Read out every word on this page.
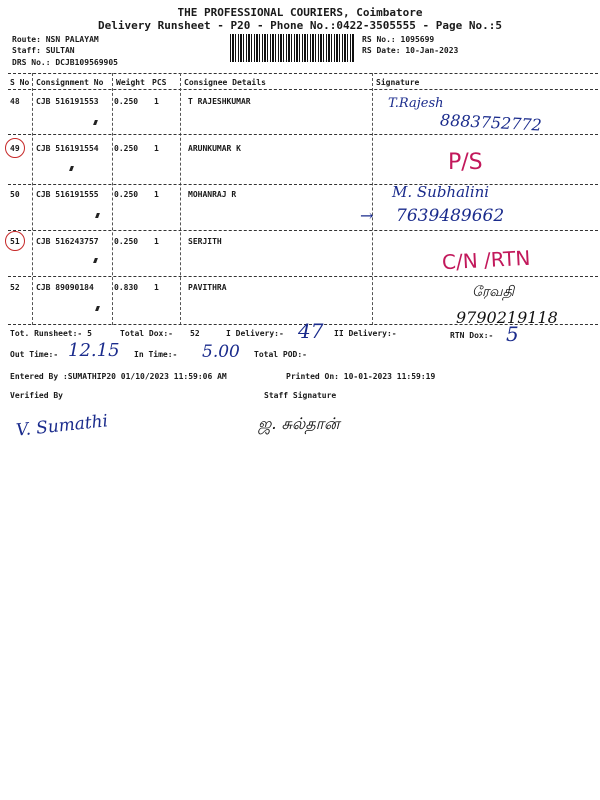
THE PROFESSIONAL COURIERS, Coimbatore
Delivery Runsheet - P20 - Phone No.:0422-3505555 - Page No.:5
Route: NSN PALAYAM
Staff: SULTAN
DRS No.: DCJB109569905
RS No.: 1095699
RS Date: 10-Jan-2023
S No Consignment No Weight PCS Consignee Details	Signature
48 CJB 516191553 0.250 1	T RAJESHKUMAR	T.Rajesh
8883752772
49 CJB 516191554 0.250 1	ARUNKUMAR K
P/S
50 CJB 516191555 0.250 1	MOHANRAJ R	M. Subhalini
→ 7639489662
51 CJB 516243757 0.250 1	SERJITH
C/N /RTN
52 CJB 89090184	0.830 1	PAVITHRA	ரேவதி
9790219118
Tot. Runsheet:- 5	Total Dox:- 52	I Delivery:- 47 II Delivery:-	RTN Dox:- 5
Out Time:- 12.15 In Time:- 5.00 Total POD:-
Entered By :SUMATHIP20 01/10/2023 11:59:06 AM	Printed On: 10-01-2023 11:59:19
Verified By	Staff Signature
V. Sumathi	ஜ. சுல்தான்
